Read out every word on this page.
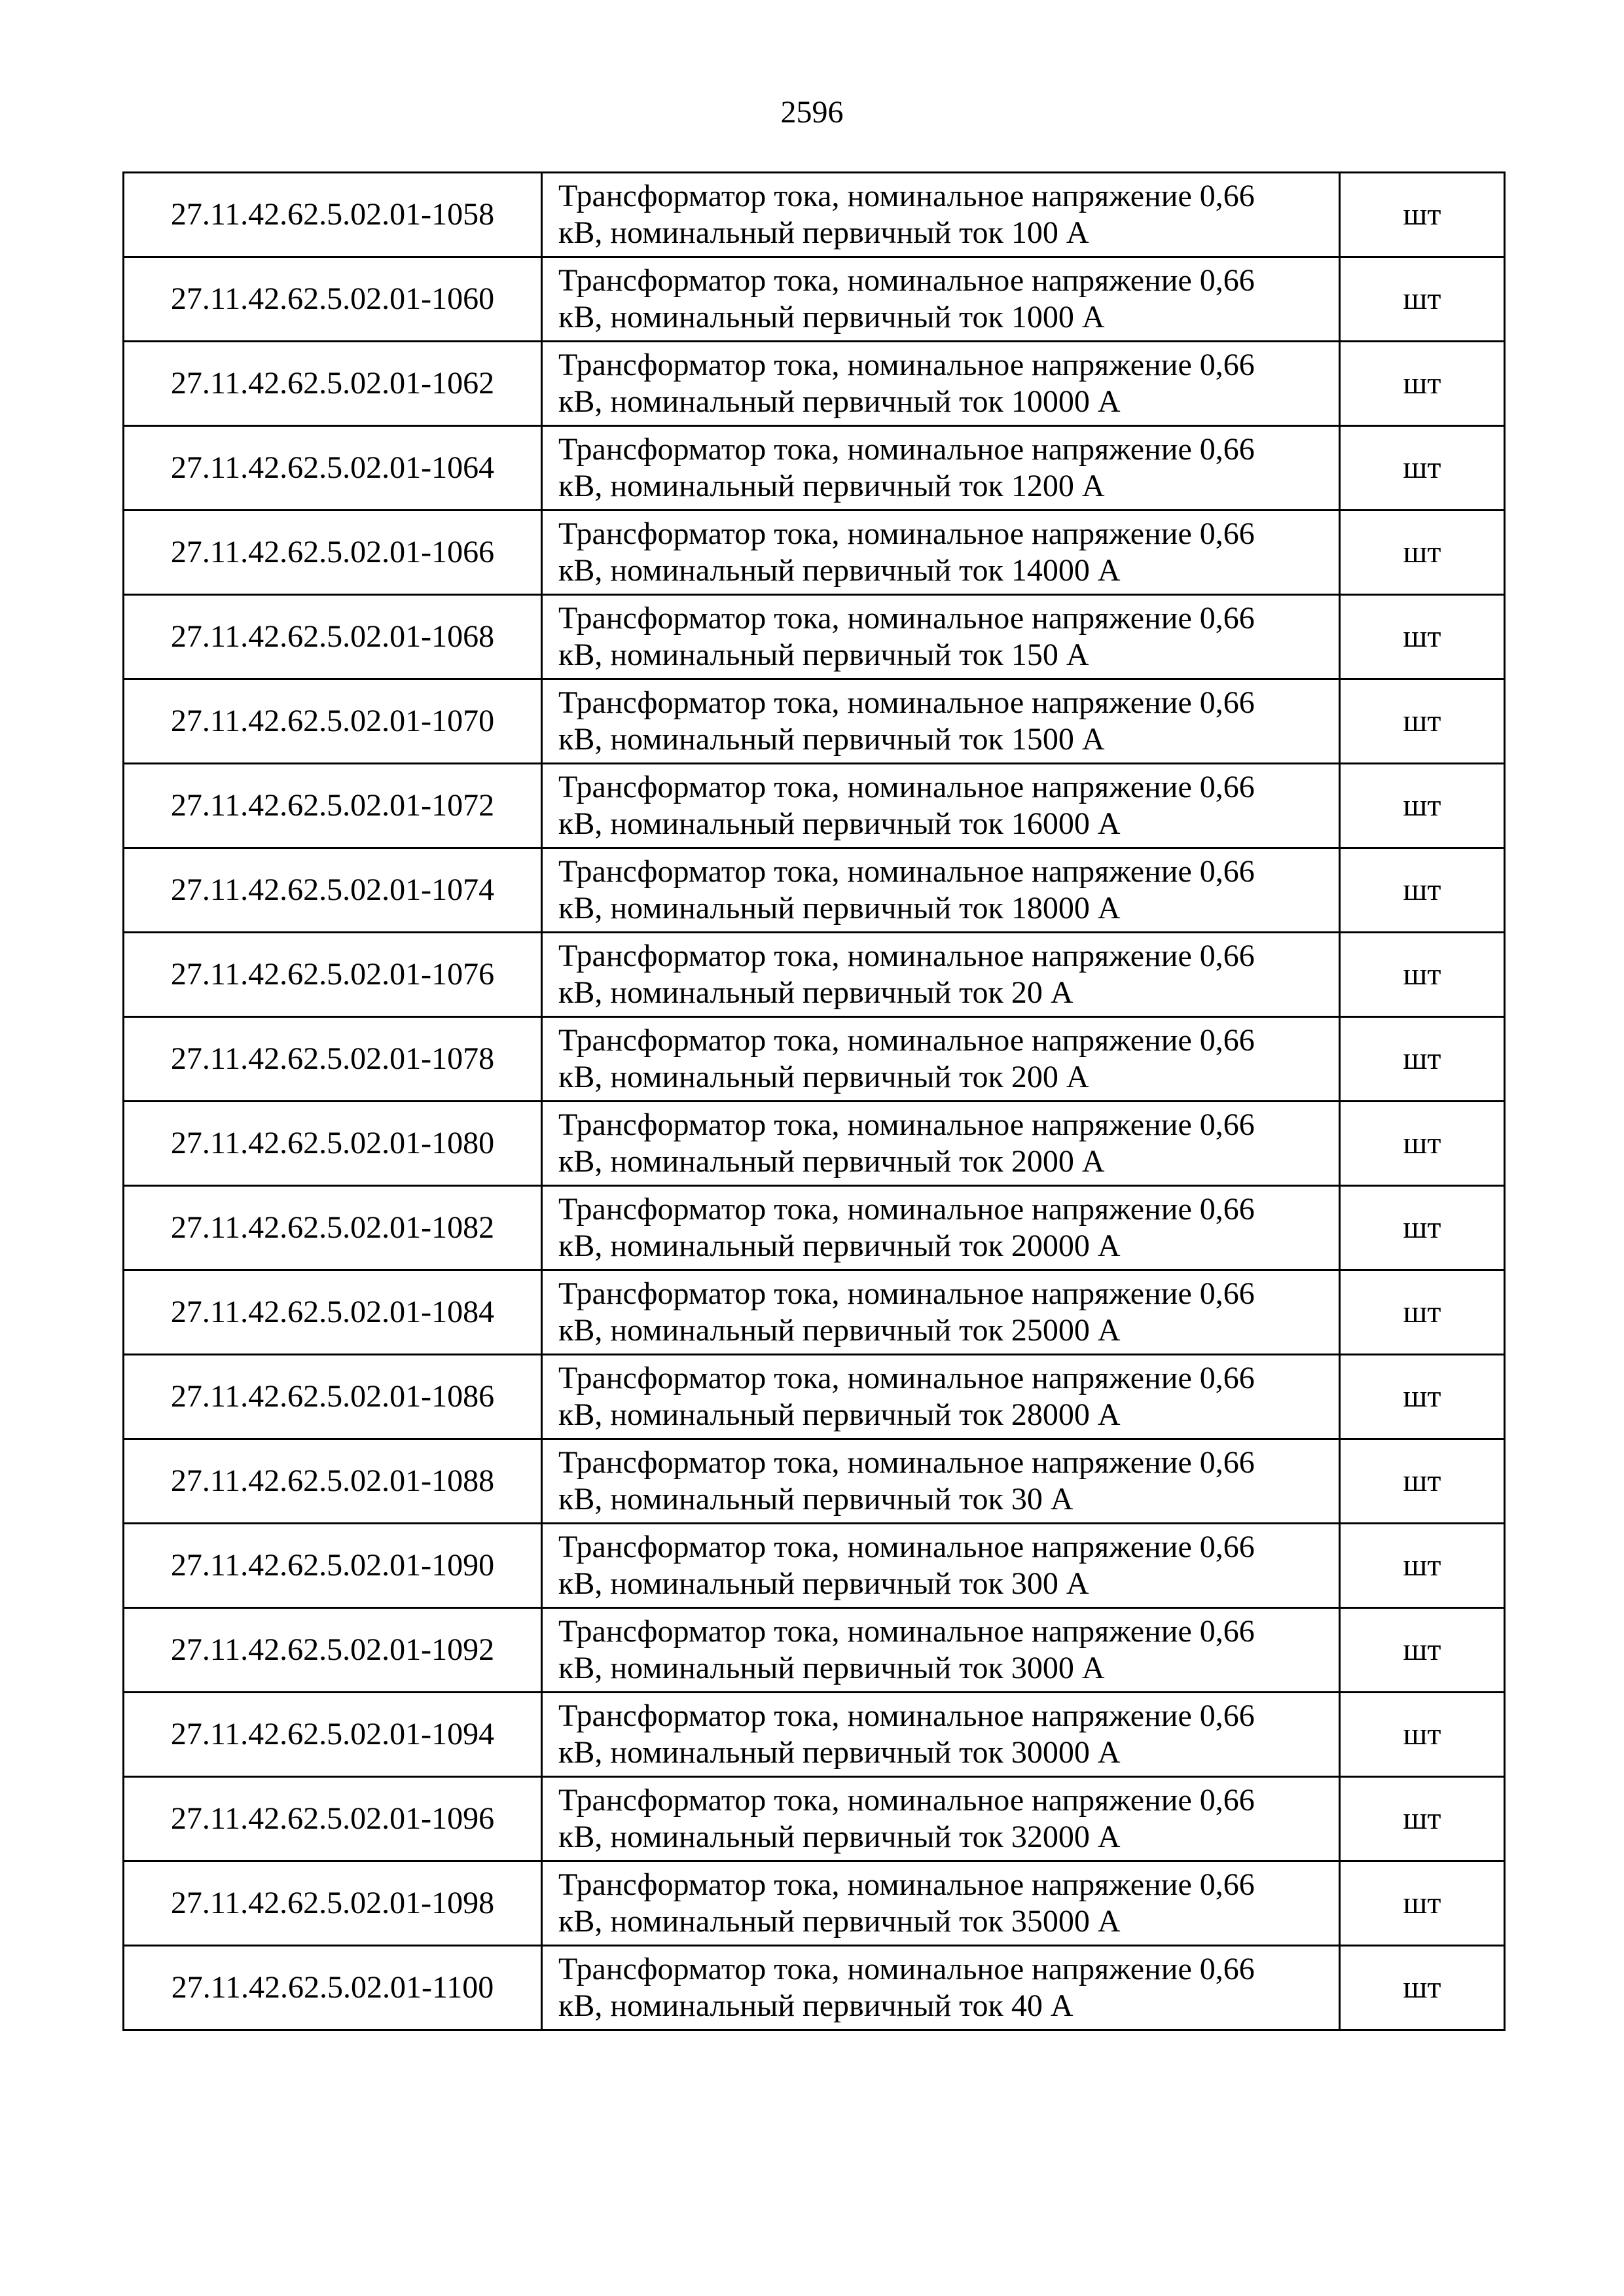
2596
27.11.42.62.5.02.01-1058	Трансформатор тока, номинальное напряжение 0,66
кВ, номинальный первичный ток 100 А	шт
27.11.42.62.5.02.01-1060	Трансформатор тока, номинальное напряжение 0,66
кВ, номинальный первичный ток 1000 А	шт
27.11.42.62.5.02.01-1062	Трансформатор тока, номинальное напряжение 0,66
кВ, номинальный первичный ток 10000 А	шт
27.11.42.62.5.02.01-1064	Трансформатор тока, номинальное напряжение 0,66
кВ, номинальный первичный ток 1200 А	шт
27.11.42.62.5.02.01-1066	Трансформатор тока, номинальное напряжение 0,66
кВ, номинальный первичный ток 14000 А	шт
27.11.42.62.5.02.01-1068	Трансформатор тока, номинальное напряжение 0,66
кВ, номинальный первичный ток 150 А	шт
27.11.42.62.5.02.01-1070	Трансформатор тока, номинальное напряжение 0,66
кВ, номинальный первичный ток 1500 А	шт
27.11.42.62.5.02.01-1072	Трансформатор тока, номинальное напряжение 0,66
кВ, номинальный первичный ток 16000 А	шт
27.11.42.62.5.02.01-1074	Трансформатор тока, номинальное напряжение 0,66
кВ, номинальный первичный ток 18000 А	шт
27.11.42.62.5.02.01-1076	Трансформатор тока, номинальное напряжение 0,66
кВ, номинальный первичный ток 20 А	шт
27.11.42.62.5.02.01-1078	Трансформатор тока, номинальное напряжение 0,66
кВ, номинальный первичный ток 200 А	шт
27.11.42.62.5.02.01-1080	Трансформатор тока, номинальное напряжение 0,66
кВ, номинальный первичный ток 2000 А	шт
27.11.42.62.5.02.01-1082	Трансформатор тока, номинальное напряжение 0,66
кВ, номинальный первичный ток 20000 А	шт
27.11.42.62.5.02.01-1084	Трансформатор тока, номинальное напряжение 0,66
кВ, номинальный первичный ток 25000 А	шт
27.11.42.62.5.02.01-1086	Трансформатор тока, номинальное напряжение 0,66
кВ, номинальный первичный ток 28000 А	шт
27.11.42.62.5.02.01-1088	Трансформатор тока, номинальное напряжение 0,66
кВ, номинальный первичный ток 30 А	шт
27.11.42.62.5.02.01-1090	Трансформатор тока, номинальное напряжение 0,66
кВ, номинальный первичный ток 300 А	шт
27.11.42.62.5.02.01-1092	Трансформатор тока, номинальное напряжение 0,66
кВ, номинальный первичный ток 3000 А	шт
27.11.42.62.5.02.01-1094	Трансформатор тока, номинальное напряжение 0,66
кВ, номинальный первичный ток 30000 А	шт
27.11.42.62.5.02.01-1096	Трансформатор тока, номинальное напряжение 0,66
кВ, номинальный первичный ток 32000 А	шт
27.11.42.62.5.02.01-1098	Трансформатор тока, номинальное напряжение 0,66
кВ, номинальный первичный ток 35000 А	шт
27.11.42.62.5.02.01-1100	Трансформатор тока, номинальное напряжение 0,66
кВ, номинальный первичный ток 40 А	шт
